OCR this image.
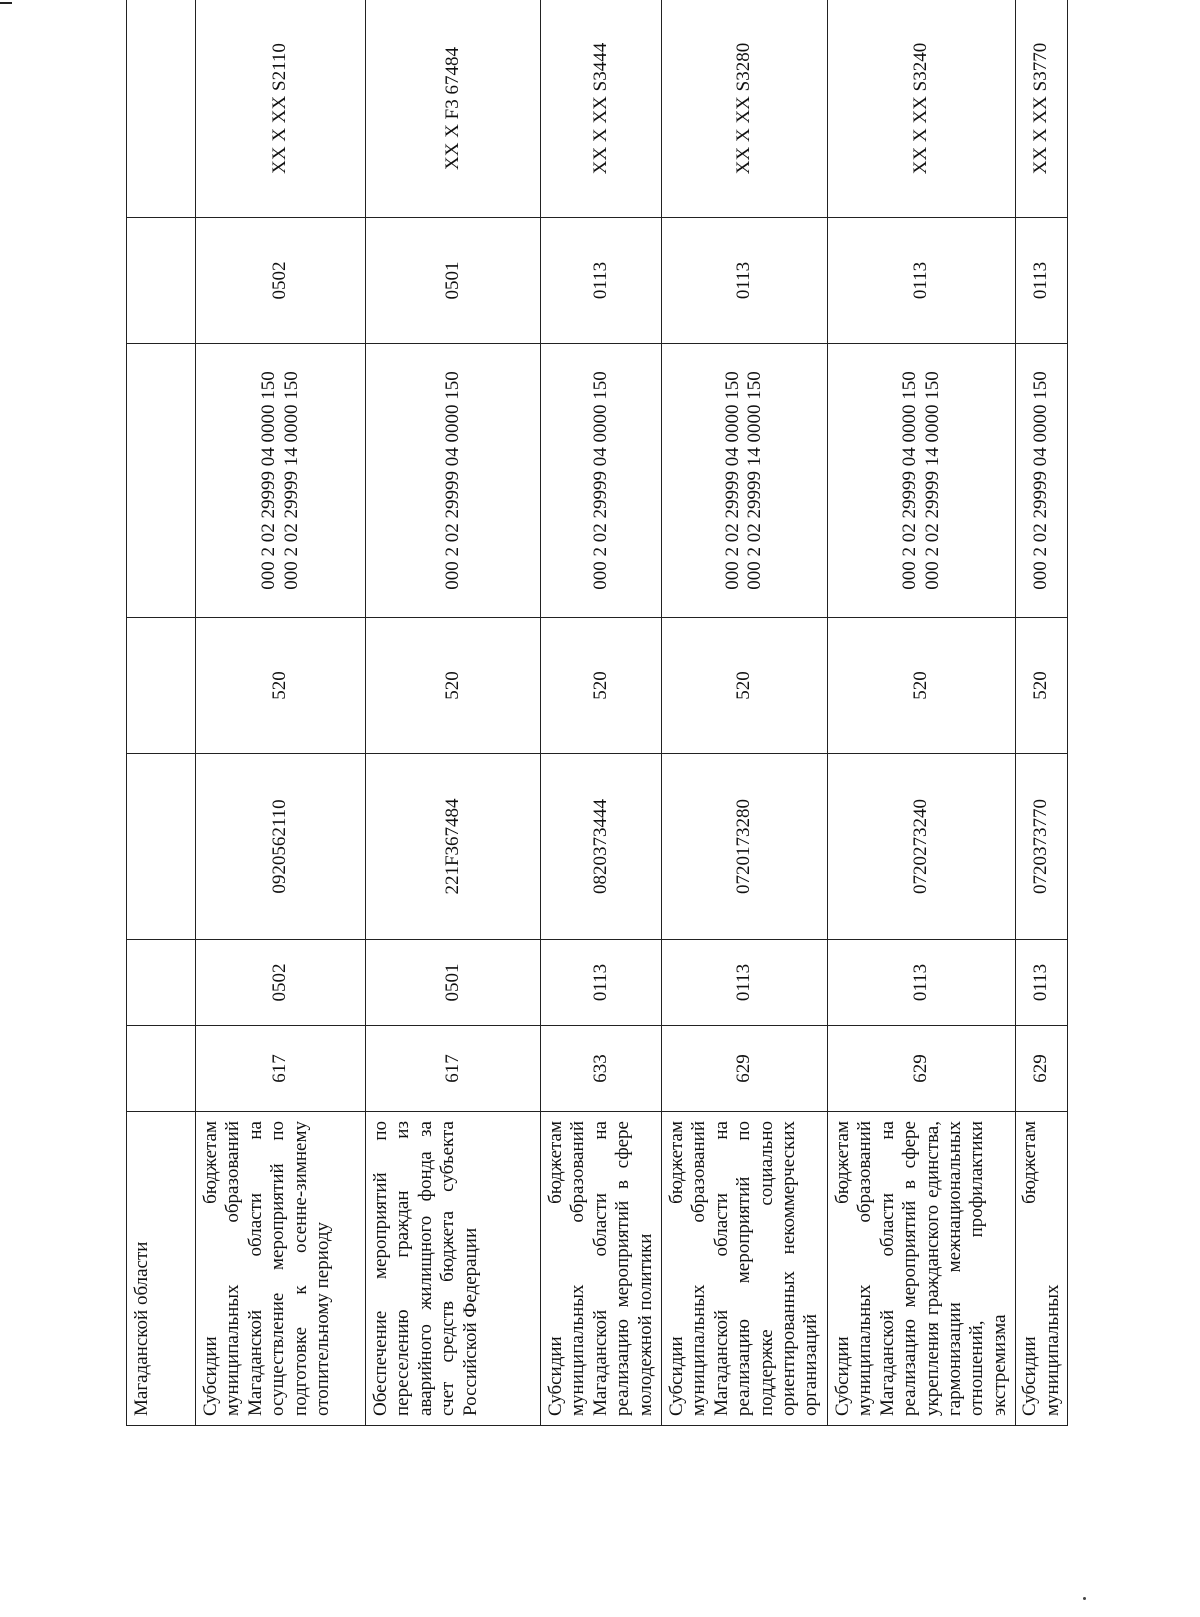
Магаданской области							
Субсидии бюджетам муниципальных образований Магаданской области на осуществление мероприятий по подготовке к осенне-зимнему отопительному периоду	617	0502	0920562110	520	000 2 02 29999 04 0000 150 000 2 02 29999 14 0000 150	0502	XX X XX S2110
Обеспечение мероприятий по переселению граждан из аварийного жилищного фонда за счет средств бюджета субъекта Российской Федерации	617	0501	221F367484	520	000 2 02 29999 04 0000 150	0501	XX X F3 67484
Субсидии бюджетам муниципальных образований Магаданской области на реализацию мероприятий в сфере молодежной политики	633	0113	0820373444	520	000 2 02 29999 04 0000 150	0113	XX X XX S3444
Субсидии бюджетам муниципальных образований Магаданской области на реализацию мероприятий по поддержке социально ориентированных некоммерческих организаций	629	0113	0720173280	520	000 2 02 29999 04 0000 150 000 2 02 29999 14 0000 150	0113	XX X XX S3280
Субсидии бюджетам муниципальных образований Магаданской области на реализацию мероприятий в сфере укрепления гражданского единства, гармонизации межнациональных отношений, профилактики экстремизма	629	0113	0720273240	520	000 2 02 29999 04 0000 150 000 2 02 29999 14 0000 150	0113	XX X XX S3240
Субсидии бюджетам муниципальных	629	0113	0720373770	520	000 2 02 29999 04 0000 150	0113	XX X XX S3770
